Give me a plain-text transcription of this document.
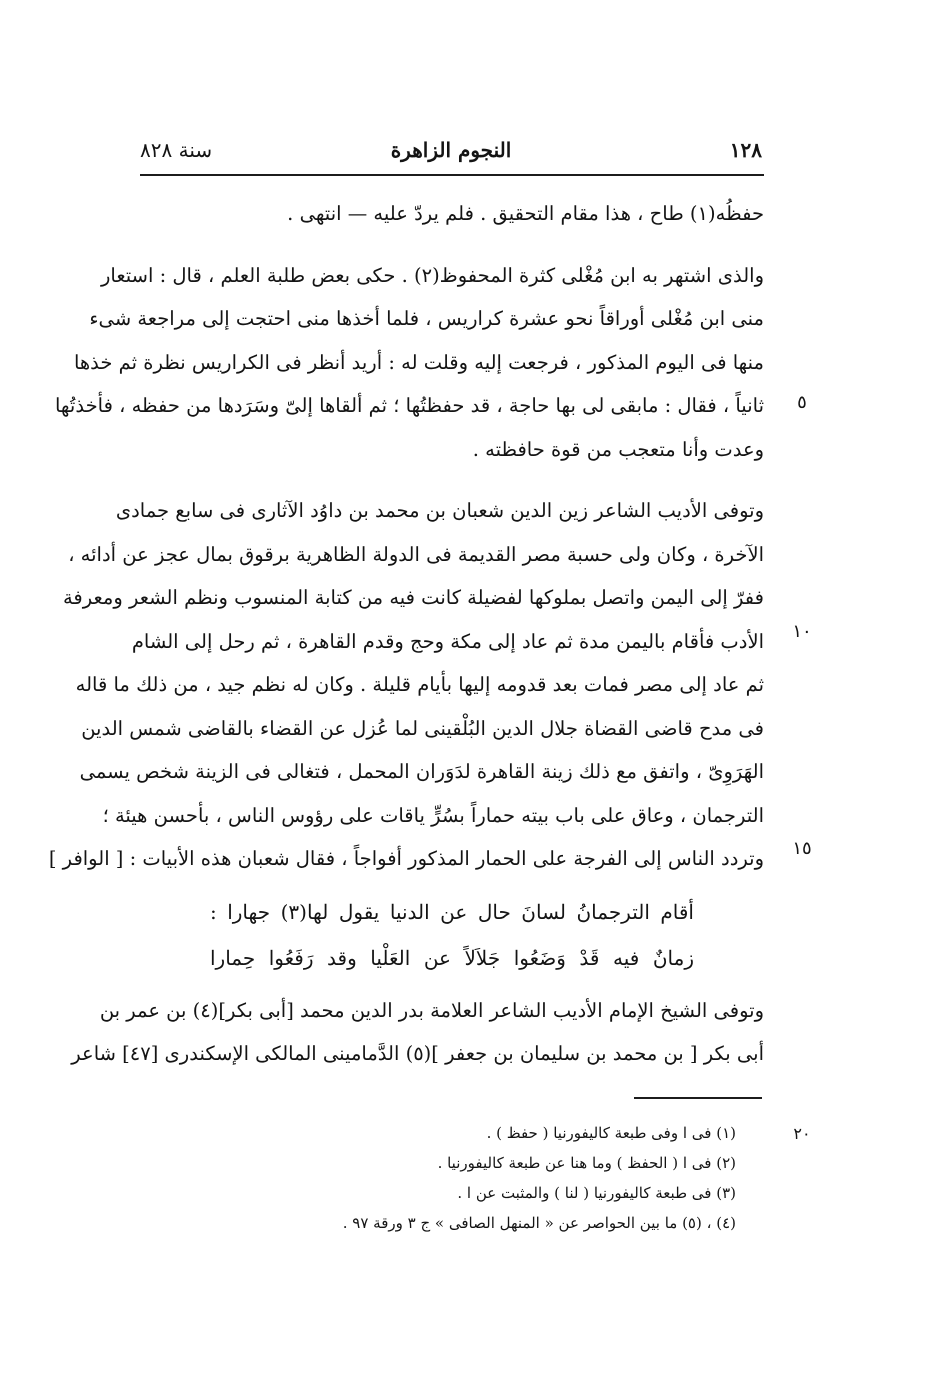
١٢٨
النجوم الزاهرة
سنة ٨٢٨
حفظُه(١) طاح ، هذا مقام التحقيق . فلم يردّ عليه — انتهى .
والذى اشتهر به ابن مُغْلى كثرة المحفوظ(٢) . حكى بعض طلبة العلم ، قال : استعار
منى ابن مُغْلى أوراقاً نحو عشرة كراريس ، فلما أخذها منى احتجت إلى مراجعة شىء
منها فى اليوم المذكور ، فرجعت إليه وقلت له : أريد أنظر فى الكراريس نظرة ثم خذها
ثانياً ، فقال : مابقى لى بها حاجة ، قد حفظتُها ؛ ثم ألقاها إلىّ وسَرَدها من حفظه ، فأخذتُها
وعدت وأنا متعجب من قوة حافظته .
وتوفى الأديب الشاعر زين الدين شعبان بن محمد بن داوُد الآثارى فى سابع جمادى
الآخرة ، وكان ولى حسبة مصر القديمة فى الدولة الظاهرية برقوق بمال عجز عن أدائه ،
ففرّ إلى اليمن واتصل بملوكها لفضيلة كانت فيه من كتابة المنسوب ونظم الشعر ومعرفة
الأدب فأقام باليمن مدة ثم عاد إلى مكة وحج وقدم القاهرة ، ثم رحل إلى الشام
ثم عاد إلى مصر فمات بعد قدومه إليها بأيام قليلة . وكان له نظم جيد ، من ذلك ما قاله
فى مدح قاضى القضاة جلال الدين البُلْقينى لما عُزل عن القضاء بالقاضى شمس الدين
الهَرَوِىّ ، واتفق مع ذلك زينة القاهرة لدَوَران المحمل ، فتغالى فى الزينة شخص يسمى
الترجمان ، وعاق على باب بيته حماراً بسُرٍّ ياقات على رؤوس الناس ، بأحسن هيئة ؛
وتردد الناس إلى الفرجة على الحمار المذكور أفواجاً ، فقال شعبان هذه الأبيات : [ الوافر ]
أقام الترجمانُ لسانَ حال عن الدنيا يقول لها(٣) جهارا :
زمانٌ فيه قَدْ وَضَعُوا جَلاَلاً عن العَلْيا وقد رَفَعُوا حِمارا
وتوفى الشيخ الإمام الأديب الشاعر العلامة بدر الدين محمد [أبى بكر](٤) بن عمر بن
أبى بكر [ بن محمد بن سليمان بن جعفر ](٥) الدَّمامينى المالكى الإسكندرى [٤٧] شاعر
٥
١٠
١٥
٢٠
(١) فى ا وفى طبعة كاليفورنيا ( حفظ ) .
(٢) فى ا ( الحفظ ) وما هنا عن طبعة كاليفورنيا .
(٣) فى طبعة كاليفورنيا ( لنا ) والمثبت عن ا .
(٤) ، (٥) ما بين الحواصر عن « المنهل الصافى » ج ٣ ورقة ٩٧ .
